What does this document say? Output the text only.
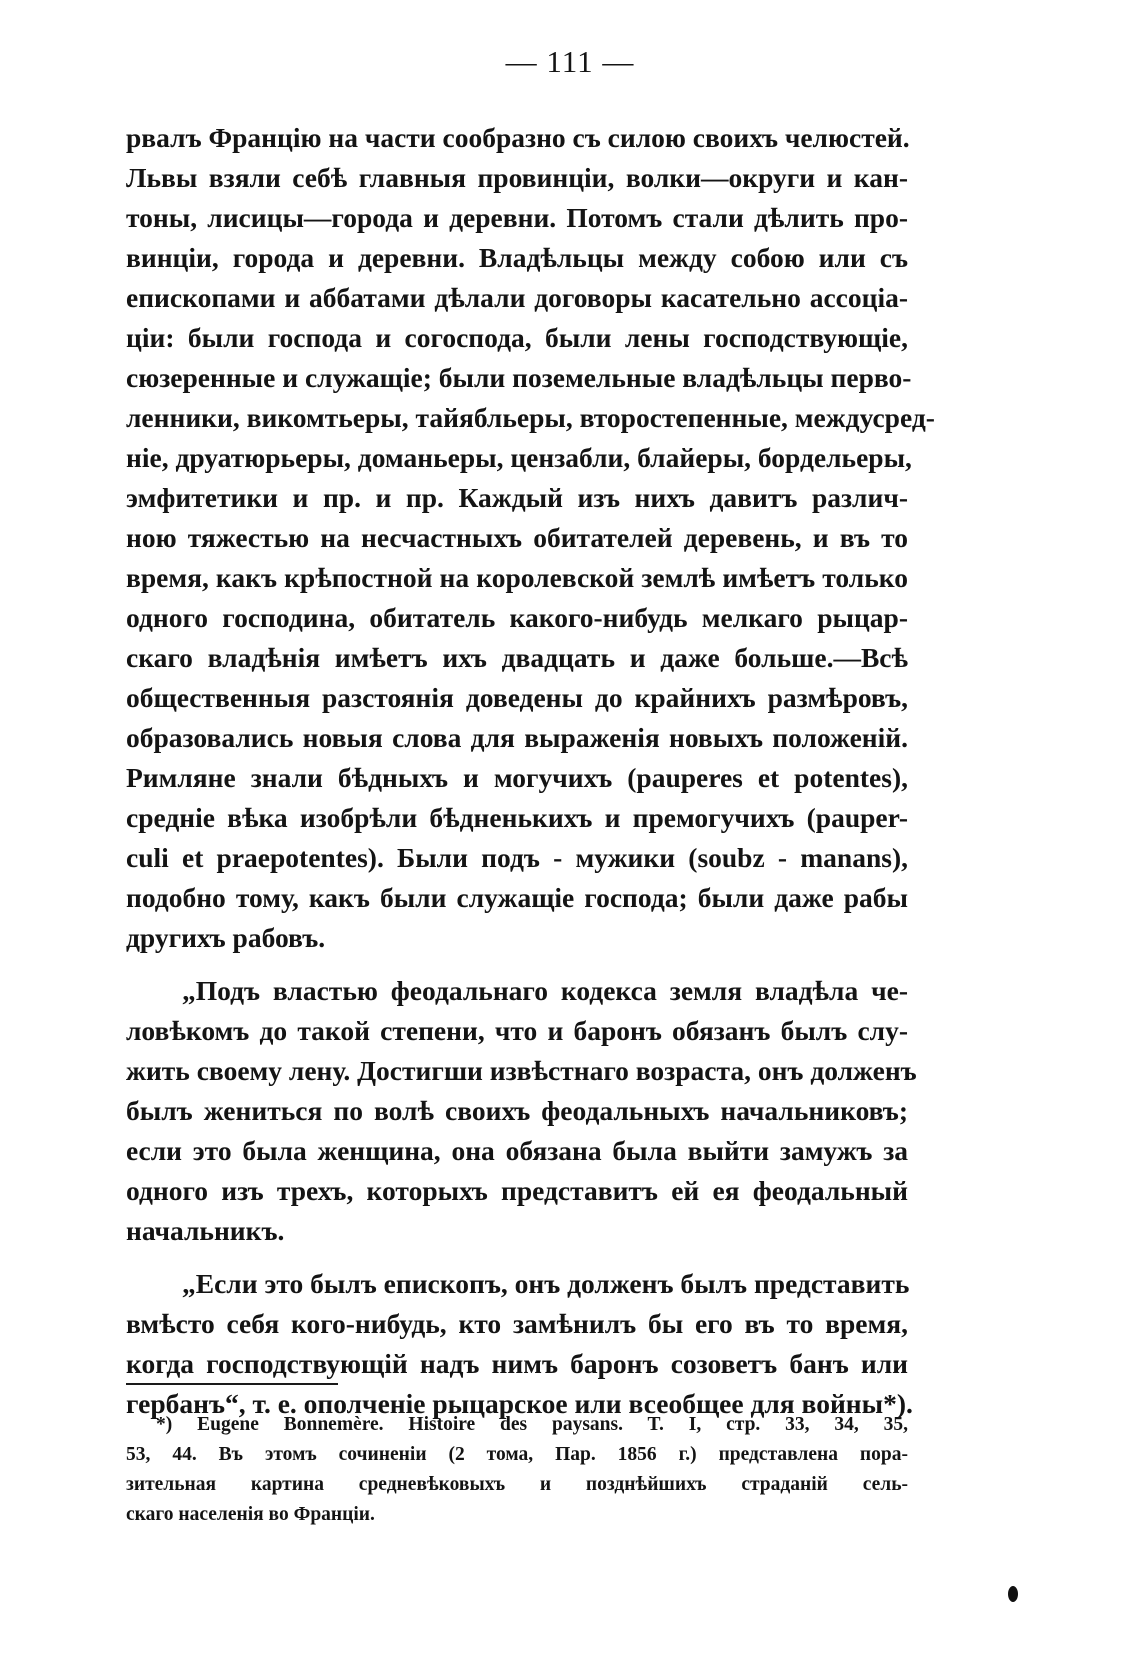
— 111 —
рвалъ Францію на части сообразно съ силою своихъ челюстей.
Львы взяли себѣ главныя провинціи, волки—округи и кан-
тоны, лисицы—города и деревни. Потомъ стали дѣлить про-
винціи, города и деревни. Владѣльцы между собою или съ
епископами и аббатами дѣлали договоры касательно ассоціа-
ціи: были господа и согоспода, были лены господствующіе,
сюзеренные и служащіе; были поземельные владѣльцы перво-
ленники, викомтьеры, тайябльеры, второстепенные, междусред-
ніе, друатюрьеры, доманьеры, цензабли, блайеры, бордельеры,
эмфитетики и пр. и пр. Каждый изъ нихъ давитъ различ-
ною тяжестью на несчастныхъ обитателей деревень, и въ то
время, какъ крѣпостной на королевской землѣ имѣетъ только
одного господина, обитатель какого-нибудь мелкаго рыцар-
скаго владѣнія имѣетъ ихъ двадцать и даже больше.—Всѣ
общественныя разстоянія доведены до крайнихъ размѣровъ,
образовались новыя слова для выраженія новыхъ положеній.
Римляне знали бѣдныхъ и могучихъ (pauperes et potentes),
средніе вѣка изобрѣли бѣдненькихъ и премогучихъ (pauper-
culi et praepotentes). Были подъ - мужики (soubz - manans),
подобно тому, какъ были служащіе господа; были даже рабы
другихъ рабовъ.
„Подъ властью феодальнаго кодекса земля владѣла че-
ловѣкомъ до такой степени, что и баронъ обязанъ былъ слу-
жить своему лену. Достигши извѣстнаго возраста, онъ долженъ
былъ жениться по волѣ своихъ феодальныхъ начальниковъ;
если это была женщина, она обязана была выйти замужъ за
одного изъ трехъ, которыхъ представитъ ей ея феодальный
начальникъ.
„Если это былъ епископъ, онъ долженъ былъ представить
вмѣсто себя кого-нибудь, кто замѣнилъ бы его въ то время,
когда господствующій надъ нимъ баронъ созоветъ банъ или
гербанъ“, т. е. ополченіе рыцарское или всеобщее для войны*).
*) Eugene Bonnemère. Histoire des paysans. T. I, стр. 33, 34, 35,
53, 44. Въ этомъ сочиненіи (2 тома, Пар. 1856 г.) представлена пора-
зительная картина средневѣковыхъ и позднѣйшихъ страданій сель-
скаго населенія во Франціи.
